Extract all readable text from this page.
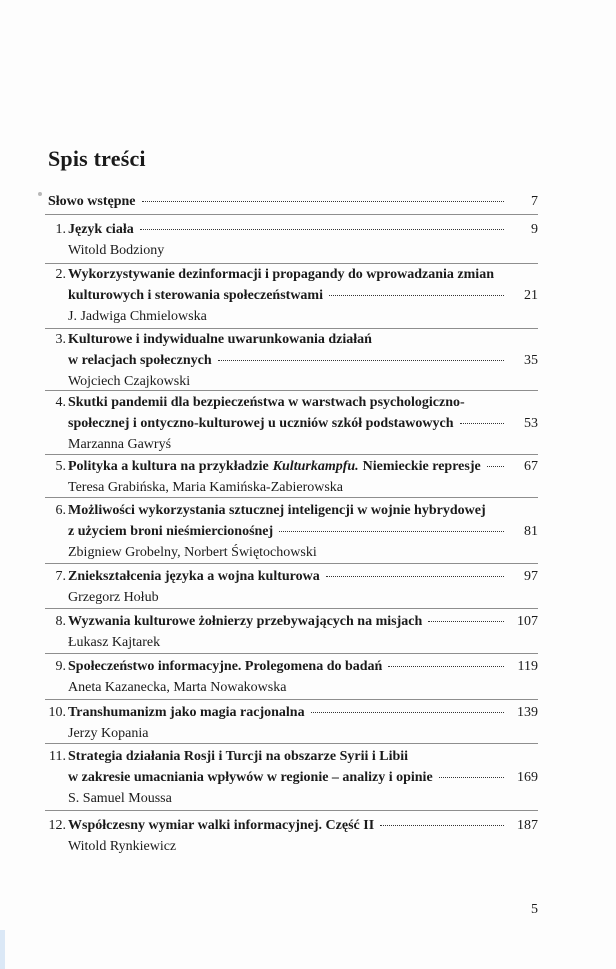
Spis treści
Słowo wstępne	7
1. Język ciała	9
Witold Bodziony
2. Wykorzystywanie dezinformacji i propagandy do wprowadzania zmian
kulturowych i sterowania społeczeństwami	21
J. Jadwiga Chmielowska
3. Kulturowe i indywidualne uwarunkowania działań
w relacjach społecznych	35
Wojciech Czajkowski
4. Skutki pandemii dla bezpieczeństwa w warstwach psychologiczno-
społecznej i ontyczno-kulturowej u uczniów szkół podstawowych	53
Marzanna Gawryś
5. Polityka a kultura na przykładzie Kulturkampfu. Niemieckie represje	67
Teresa Grabińska, Maria Kamińska-Zabierowska
6. Możliwości wykorzystania sztucznej inteligencji w wojnie hybrydowej
z użyciem broni nieśmiercionośnej	81
Zbigniew Grobelny, Norbert Świętochowski
7. Zniekształcenia języka a wojna kulturowa	97
Grzegorz Hołub
8. Wyzwania kulturowe żołnierzy przebywających na misjach	107
Łukasz Kajtarek
9. Społeczeństwo informacyjne. Prolegomena do badań	119
Aneta Kazanecka, Marta Nowakowska
10. Transhumanizm jako magia racjonalna	139
Jerzy Kopania
11. Strategia działania Rosji i Turcji na obszarze Syrii i Libii
w zakresie umacniania wpływów w regionie – analizy i opinie	169
S. Samuel Moussa
12. Współczesny wymiar walki informacyjnej. Część II	187
Witold Rynkiewicz
5
